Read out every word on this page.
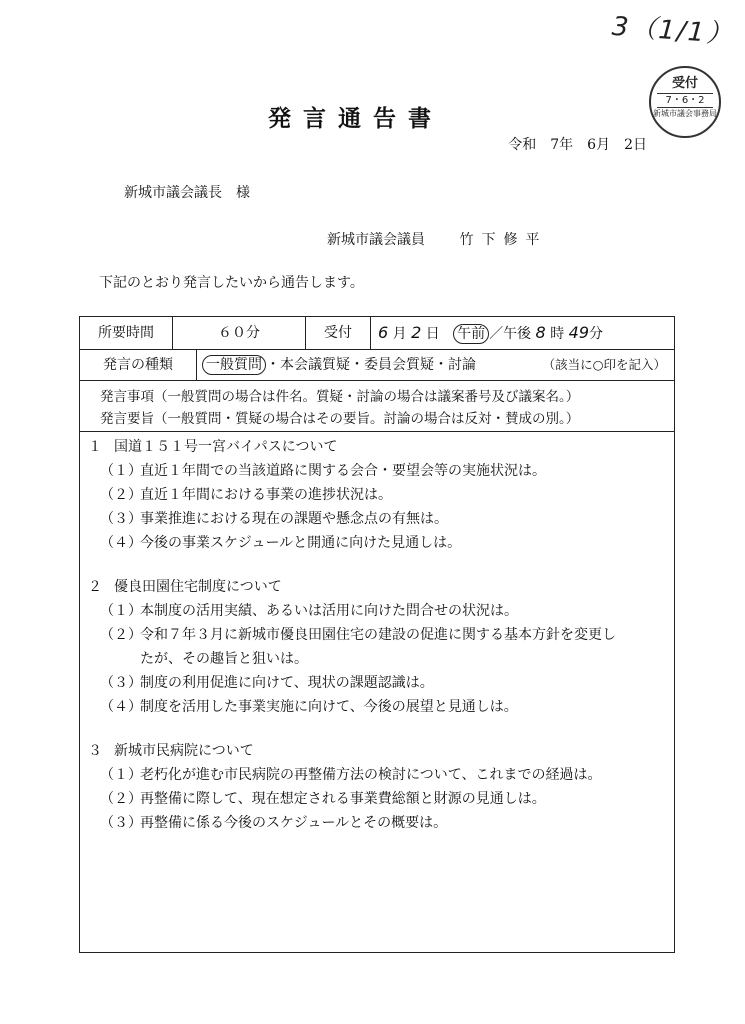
3（1/1）
受付
7・6・2
新城市議会事務局
発言通告書
令和　7年　6月　2日
新城市議会議長　様
新城市議会議員 竹下修平
下記のとおり発言したいから通告します。
所要時間	６０分	受付	6 月 2 日 午前 ／午後 8 時 49分
発言の種類	一般質問 ・本会議質疑・委員会質疑・討論	（該当に○印を記入）
発言事項（一般質問の場合は件名。質疑・討論の場合は議案番号及び議案名。）
発言要旨（一般質問・質疑の場合はその要旨。討論の場合は反対・賛成の別。）
１ 国道１５１号一宮バイパスについて
（１）直近１年間での当該道路に関する会合・要望会等の実施状況は。
（２）直近１年間における事業の進捗状況は。
（３）事業推進における現在の課題や懸念点の有無は。
（４）今後の事業スケジュールと開通に向けた見通しは。
２ 優良田園住宅制度について
（１）本制度の活用実績、あるいは活用に向けた問合せの状況は。
（２）令和７年３月に新城市優良田園住宅の建設の促進に関する基本方針を変更し
たが、その趣旨と狙いは。
（３）制度の利用促進に向けて、現状の課題認識は。
（４）制度を活用した事業実施に向けて、今後の展望と見通しは。
３ 新城市民病院について
（１）老朽化が進む市民病院の再整備方法の検討について、これまでの経過は。
（２）再整備に際して、現在想定される事業費総額と財源の見通しは。
（３）再整備に係る今後のスケジュールとその概要は。
